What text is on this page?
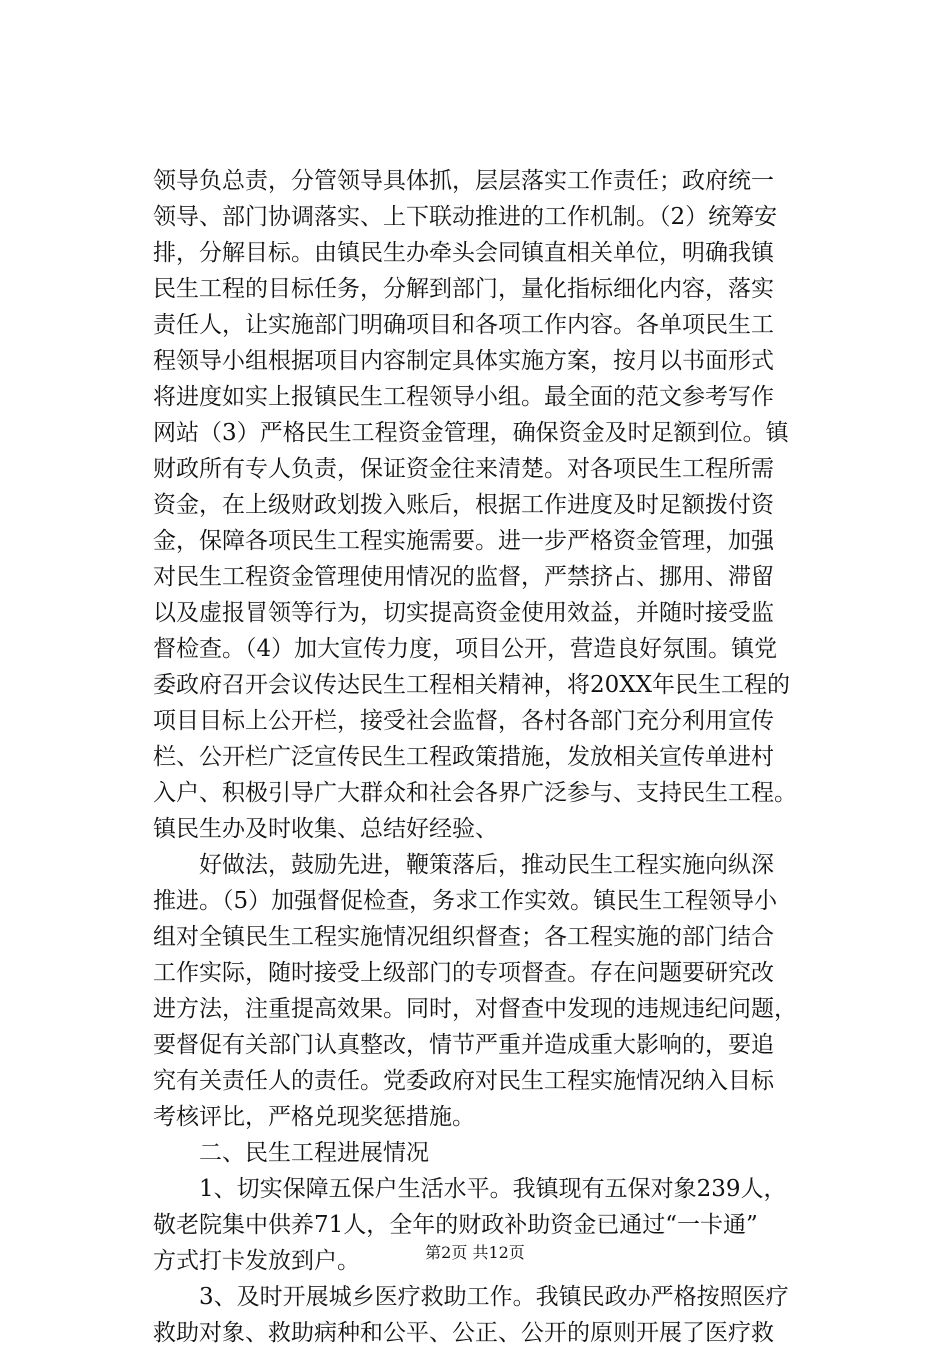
领导负总责，分管领导具体抓，层层落实工作责任；政府统一
领导、部门协调落实、上下联动推进的工作机制。（2）统筹安
排，分解目标。由镇民生办牵头会同镇直相关单位，明确我镇
民生工程的目标任务，分解到部门，量化指标细化内容，落实
责任人，让实施部门明确项目和各项工作内容。各单项民生工
程领导小组根据项目内容制定具体实施方案，按月以书面形式
将进度如实上报镇民生工程领导小组。最全面的范文参考写作
网站（3）严格民生工程资金管理，确保资金及时足额到位。镇
财政所有专人负责，保证资金往来清楚。对各项民生工程所需
资金，在上级财政划拨入账后，根据工作进度及时足额拨付资
金，保障各项民生工程实施需要。进一步严格资金管理，加强
对民生工程资金管理使用情况的监督，严禁挤占、挪用、滞留
以及虚报冒领等行为，切实提高资金使用效益，并随时接受监
督检查。（4）加大宣传力度，项目公开，营造良好氛围。镇党
委政府召开会议传达民生工程相关精神，将20XX年民生工程的
项目目标上公开栏，接受社会监督，各村各部门充分利用宣传
栏、公开栏广泛宣传民生工程政策措施，发放相关宣传单进村
入户、积极引导广大群众和社会各界广泛参与、支持民生工程。
镇民生办及时收集、总结好经验、
好做法，鼓励先进，鞭策落后，推动民生工程实施向纵深
推进。（5）加强督促检查，务求工作实效。镇民生工程领导小
组对全镇民生工程实施情况组织督查；各工程实施的部门结合
工作实际，随时接受上级部门的专项督查。存在问题要研究改
进方法，注重提高效果。同时，对督查中发现的违规违纪问题，
要督促有关部门认真整改，情节严重并造成重大影响的，要追
究有关责任人的责任。党委政府对民生工程实施情况纳入目标
考核评比，严格兑现奖惩措施。
二、民生工程进展情况
1、切实保障五保户生活水平。我镇现有五保对象239人，
敬老院集中供养71人，全年的财政补助资金已通过“一卡通”
方式打卡发放到户。
3、及时开展城乡医疗救助工作。我镇民政办严格按照医疗
救助对象、救助病种和公平、公正、公开的原则开展了医疗救
第2页 共12页
